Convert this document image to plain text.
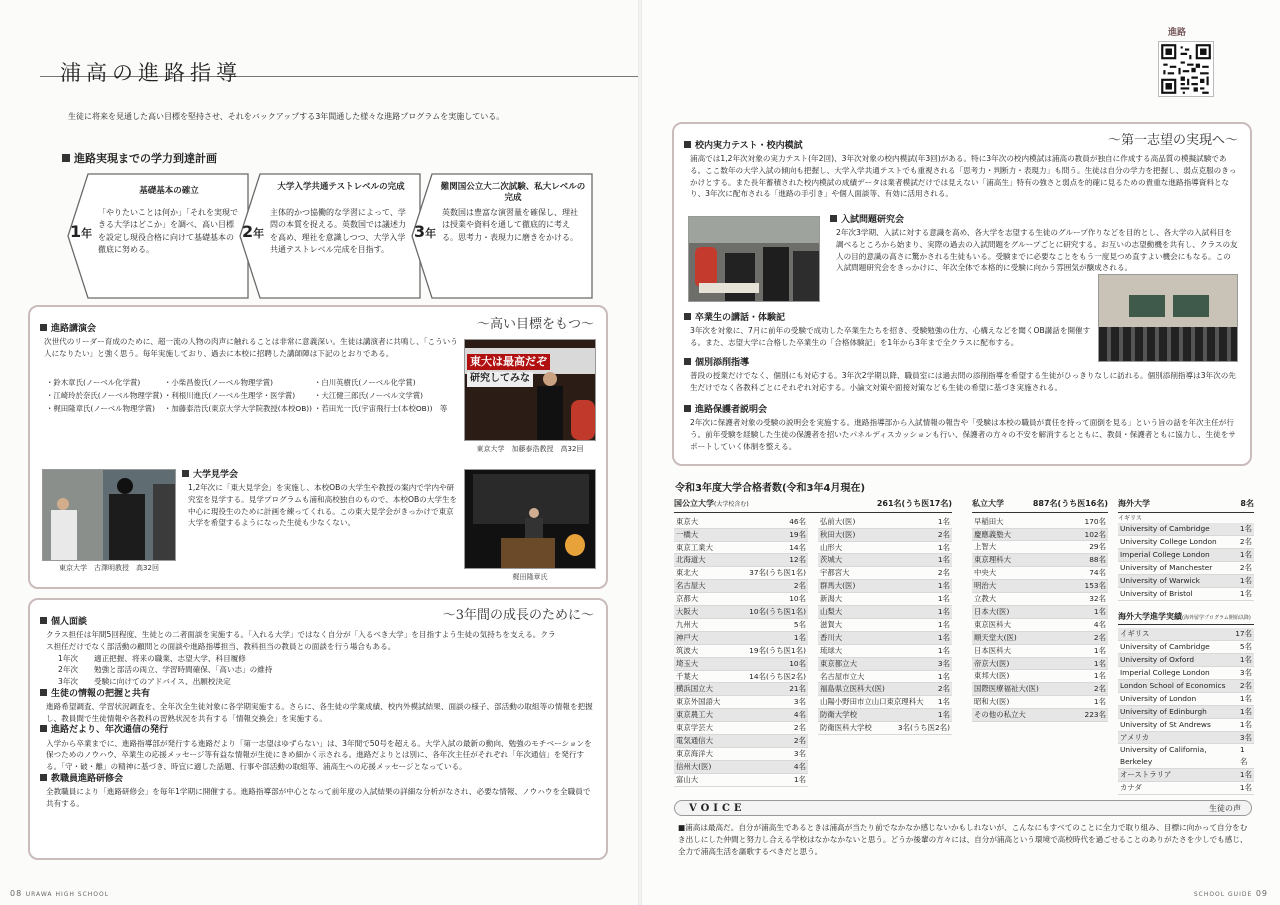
浦高の進路指導
生徒に将来を見通した高い目標を堅持させ、それをバックアップする3年間通した様々な進路プログラムを実施している。
進路実現までの学力到達計画
基礎基本の確立
1年
「やりたいことは何か」「それを実現できる大学はどこか」を調べ、高い目標を設定し現役合格に向けて基礎基本の徹底に努める。
大学入学共通テストレベルの完成
2年
主体的かつ協働的な学習によって、学問の本質を捉える。英数国では議述力を高め、理社を意識しつつ、大学入学共通テストレベル完成を目指す。
難関国公立大二次試験、私大レベルの完成
3年
英数国は豊富な演習量を確保し、理社は授業や資料を通して徹底的に考える。思考力・表現力に磨きをかける。
〜高い目標をもつ〜
進路講演会
次世代のリーダー育成のために、超一流の人物の肉声に触れることは非常に意義深い。生徒は講演者に共鳴し、「こういう人になりたい」と強く思う。毎年実施しており、過去に本校に招聘した講師陣は下記のとおりである。
・鈴木章氏(ノーベル化学賞)	・小柴昌俊氏(ノーベル物理学賞)	・白川英樹氏(ノーベル化学賞)
・江崎玲於奈氏(ノーベル物理学賞) ・利根川進氏(ノーベル生理学・医学賞)	・大江健三郎氏(ノーベル文学賞)
・梶田隆章氏(ノーベル物理学賞)	・加藤泰浩氏(東京大学大学院教授(本校OB)) ・若田光一氏(宇宙飛行士(本校OB))　等
東大は最高だぞ
研究してみな
東京大学　加藤泰浩教授　高32回
東京大学　古澤明教授　高32回
大学見学会
1,2年次に「東大見学会」を実施し、本校OBの大学生や教授の案内で学内や研究室を見学する。見学プログラムも浦和高校独自のもので、本校OBの大学生を中心に現役生のために計画を練ってくれる。この東大見学会がきっかけで東京大学を希望するようになった生徒も少なくない。
梶田隆章氏
〜3年間の成長のために〜
個人面談
クラス担任は年間5回程度、生徒との二者面談を実施する。「入れる大学」ではなく自分が「入るべき大学」を目指すよう生徒の気持ちを支える。クラス担任だけでなく部活動の顧問との面談や進路指導担当、教科担当の教員との面談を行う場合もある。
1年次 適正把握、将来の職業、志望大学、科目履修
2年次 勉強と部活の両立、学習時間確保、「高い志」の維持
3年次 受験に向けてのアドバイス、出願校決定
生徒の情報の把握と共有
進路希望調査、学習状況調査を、全年次全生徒対象に各学期実施する。さらに、各生徒の学業成績、校内外模試結果、面談の様子、部活動の取組等の情報を把握し、教員間で生徒情報や各教科の習熟状況を共有する「情報交換会」を実施する。
進路だより、年次通信の発行
入学から卒業までに、進路指導部が発行する進路だより「第一志望はゆずらない」は、3年間で50号を超える。大学入試の最新の動向、勉強のモチベーションを保つためのノウハウ、卒業生の応援メッセージ等有益な情報が生徒にきめ細かく示される。進路だよりとは別に、各年次主任がそれぞれ「年次通信」を発行する。「守・破・離」の精神に基づき、時宜に適した話題、行事や部活動の取組等、浦高生への応援メッセージとなっている。
教職員進路研修会
全教職員により「進路研修会」を毎年1学期に開催する。進路指導部が中心となって前年度の入試結果の詳細な分析がなされ、必要な情報、ノウハウを全職員で共有する。
08 URAWA HIGH SCHOOL
進路
〜第一志望の実現へ〜
校内実力テスト・校内模試
浦高では1,2年次対象の実力テスト(年2回)、3年次対象の校内模試(年3回)がある。特に3年次の校内模試は浦高の教員が独自に作成する高品質の模擬試験である。ここ数年の大学入試の傾向も把握し、大学入学共通テストでも重視される「思考力・判断力・表現力」も問う。生徒は自分の学力を把握し、弱点克服のきっかけとする。また長年蓄積された校内模試の成績データは業者模試だけでは見えない「浦高生」特有の強さと弱点を的確に見るための貴重な進路指導資料となり、3年次に配布される「進路の手引き」や個人面談等、有効に活用される。
入試問題研究会
2年次3学期、入試に対する意識を高め、各大学を志望する生徒のグループ作りなどを目的とし、各大学の入試科目を調べるところから始まり、実際の過去の入試問題をグループごとに研究する。お互いの志望動機を共有し、クラスの友人の目的意識の高さに驚かされる生徒もいる。受験までに必要なことをもう一度見つめ直すよい機会にもなる。この入試問題研究会をきっかけに、年次全体で本格的に受験に向かう雰囲気が醸成される。
卒業生の講話・体験記
3年次を対象に、7月に前年の受験で成功した卒業生たちを招き、受験勉強の仕方、心構えなどを聞くOB講話を開催する。また、志望大学に合格した卒業生の「合格体験記」を1年から3年まで全クラスに配布する。
個別添削指導
普段の授業だけでなく、個別にも対応する。3年次2学期以降、職員室には過去問の添削指導を希望する生徒がひっきりなしに訪れる。個別添削指導は3年次の先生だけでなく各教科ごとにそれぞれ対応する。小論文対策や面接対策なども生徒の希望に基づき実施される。
進路保護者説明会
2年次に保護者対象の受験の説明会を実施する。進路指導部から入試情報の報告や「受験は本校の職員が責任を持って面倒を見る」という旨の話を年次主任が行う。前年受験を経験した生徒の保護者を招いたパネルディスカッションも行い、保護者の方々の不安を解消するとともに、教員・保護者ともに協力し、生徒をサポートしていく体制を整える。
令和3年度大学合格者数(令和3年4月現在)
国公立大学(大学校含む)	261名(うち医17名)
東京大	46名
一橋大	19名
東京工業大	14名
北海道大	12名
東北大	37名(うち医1名)
名古屋大	2名
京都大	10名
大阪大	10名(うち医1名)
九州大	5名
神戸大	1名
筑波大	19名(うち医1名)
埼玉大	10名
千葉大	14名(うち医2名)
横浜国立大	21名
東京外国語大	3名
東京農工大	4名
東京学芸大	2名
電気通信大	2名
東京海洋大	3名
信州大(医)	4名
富山大	1名
弘前大(医)	1名
秋田大(医)	2名
山形大	1名
茨城大	1名
宇都宮大	2名
群馬大(医)	1名
新潟大	1名
山梨大	1名
滋賀大	1名
香川大	1名
琉球大	1名
東京都立大	3名
名古屋市立大	1名
福島県立医科大(医)	2名
山陽小野田市立山口東京理科大 1名
防衛大学校	1名
防衛医科大学校	3名(うち医2名)
私立大学	887名(うち医16名)
早稲田大	170名
慶應義塾大	102名
上智大	29名
東京理科大	88名
中央大	74名
明治大	153名
立教大	32名
日本大(医)	1名
東京医科大	4名
順天堂大(医)	2名
日本医科大	1名
帝京大(医)	1名
東邦大(医)	1名
国際医療福祉大(医)	2名
昭和大(医)	1名
その他の私立大	223名
海外大学	8名
イギリス
University of Cambridge	1名
University College London	2名
Imperial College London	1名
University of Manchester	2名
University of Warwick	1名
University of Bristol	1名
海外大学進学実績(海外留学プログラム開始以降)
イギリス	17名
University of Cambridge	5名
University of Oxford	1名
Imperial College London	3名
London School of Economics 2名
University of London	1名
University of Edinburgh	1名
University of St Andrews	1名
アメリカ	3名
University of California, Berkeley
1名
オーストラリア	1名
カナダ	1名
VOICE	生徒の声
■浦高は最高だ。自分が浦高生であるときは浦高が当たり前でなかなか感じないかもしれないが、こんなにもすべてのことに全力で取り組み、目標に向かって自分をむき出しにした仲間と努力し合える学校はなかなかないと思う。どうか後輩の方々には、自分が浦高という環境で高校時代を過ごせることのありがたさを少しでも感じ、全力で浦高生活を謳歌するべきだと思う。
SCHOOL GUIDE 09
